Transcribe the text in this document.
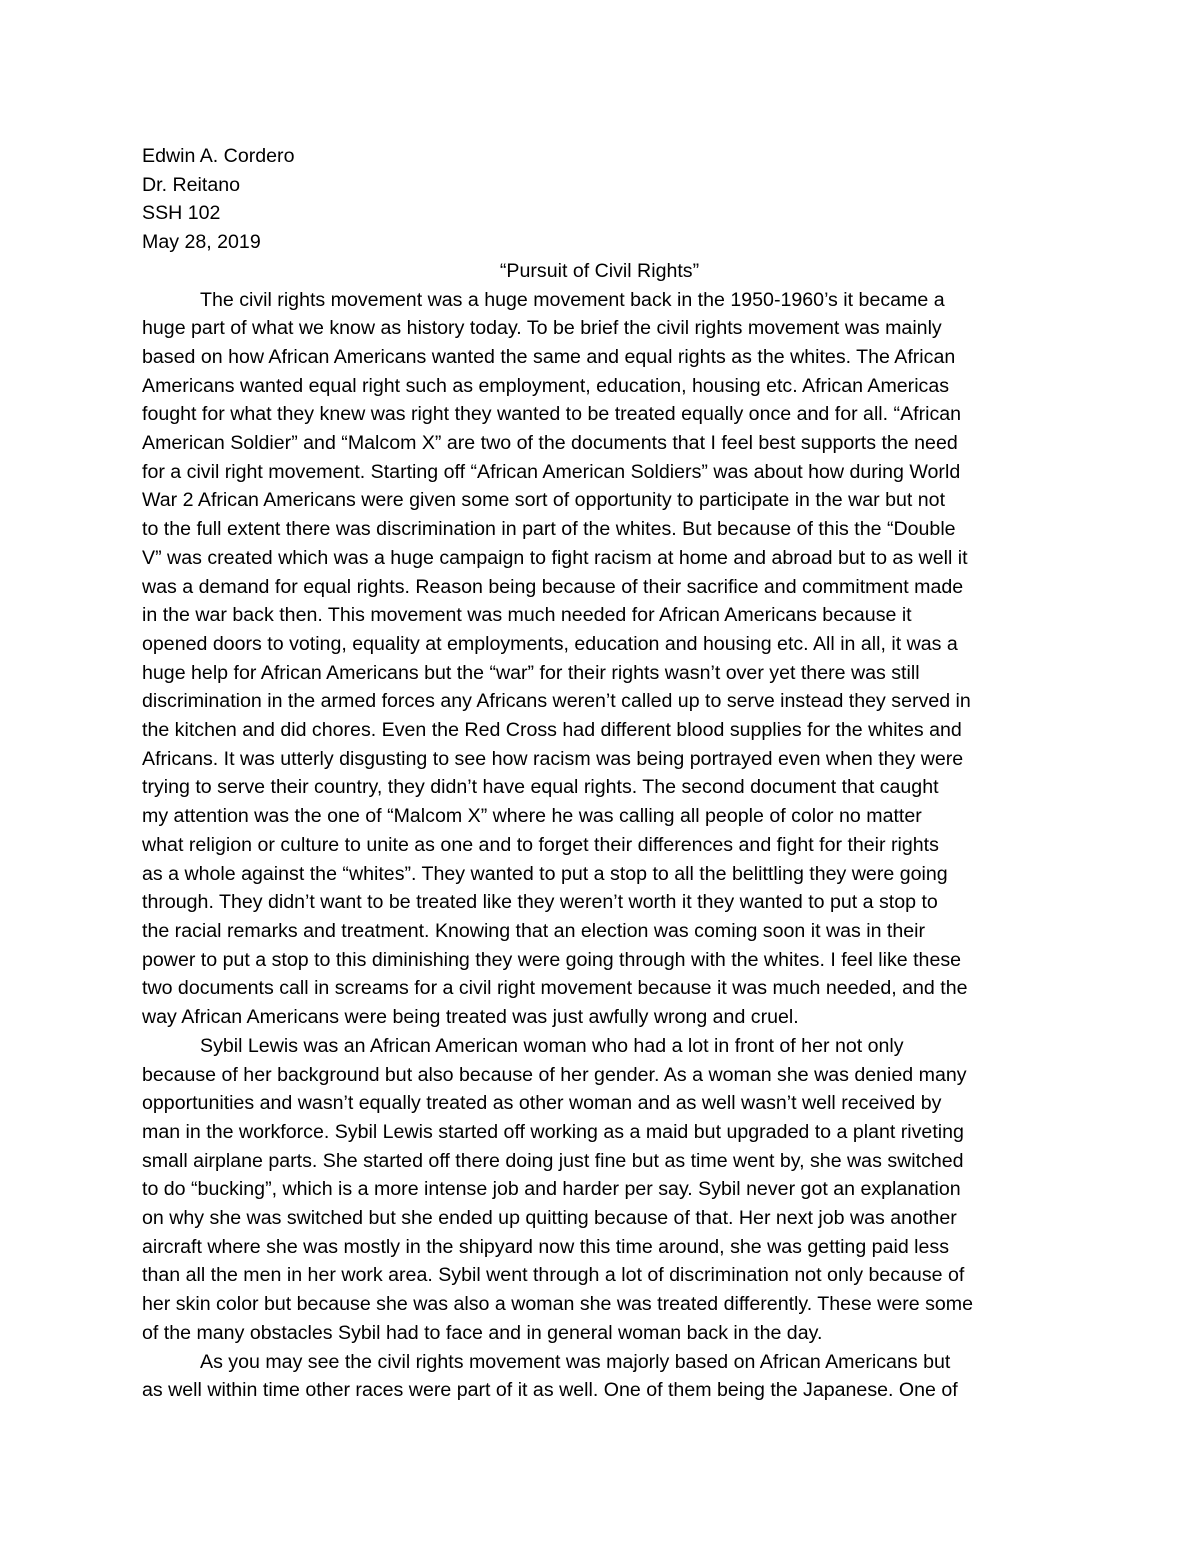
Edwin A. Cordero
Dr. Reitano
SSH 102
May 28, 2019
“Pursuit of Civil Rights”

The civil rights movement was a huge movement back in the 1950-1960’s it became a
huge part of what we know as history today. To be brief the civil rights movement was mainly
based on how African Americans wanted the same and equal rights as the whites. The African
Americans wanted equal right such as employment, education, housing etc. African Americas
fought for what they knew was right they wanted to be treated equally once and for all. “African
American Soldier” and “Malcom X” are two of the documents that I feel best supports the need
for a civil right movement. Starting off “African American Soldiers” was about how during World
War 2 African Americans were given some sort of opportunity to participate in the war but not
to the full extent there was discrimination in part of the whites. But because of this the “Double
V” was created which was a huge campaign to fight racism at home and abroad but to as well it
was a demand for equal rights. Reason being because of their sacrifice and commitment made
in the war back then. This movement was much needed for African Americans because it
opened doors to voting, equality at employments, education and housing etc. All in all, it was a
huge help for African Americans but the “war” for their rights wasn’t over yet there was still
discrimination in the armed forces any Africans weren’t called up to serve instead they served in
the kitchen and did chores. Even the Red Cross had different blood supplies for the whites and
Africans. It was utterly disgusting to see how racism was being portrayed even when they were
trying to serve their country, they didn’t have equal rights. The second document that caught
my attention was the one of “Malcom X” where he was calling all people of color no matter
what religion or culture to unite as one and to forget their differences and fight for their rights
as a whole against the “whites”. They wanted to put a stop to all the belittling they were going
through. They didn’t want to be treated like they weren’t worth it they wanted to put a stop to
the racial remarks and treatment. Knowing that an election was coming soon it was in their
power to put a stop to this diminishing they were going through with the whites. I feel like these
two documents call in screams for a civil right movement because it was much needed, and the
way African Americans were being treated was just awfully wrong and cruel.

Sybil Lewis was an African American woman who had a lot in front of her not only
because of her background but also because of her gender. As a woman she was denied many
opportunities and wasn’t equally treated as other woman and as well wasn’t well received by
man in the workforce. Sybil Lewis started off working as a maid but upgraded to a plant riveting
small airplane parts. She started off there doing just fine but as time went by, she was switched
to do “bucking”, which is a more intense job and harder per say. Sybil never got an explanation
on why she was switched but she ended up quitting because of that. Her next job was another
aircraft where she was mostly in the shipyard now this time around, she was getting paid less
than all the men in her work area. Sybil went through a lot of discrimination not only because of
her skin color but because she was also a woman she was treated differently. These were some
of the many obstacles Sybil had to face and in general woman back in the day.

As you may see the civil rights movement was majorly based on African Americans but
as well within time other races were part of it as well. One of them being the Japanese. One of
